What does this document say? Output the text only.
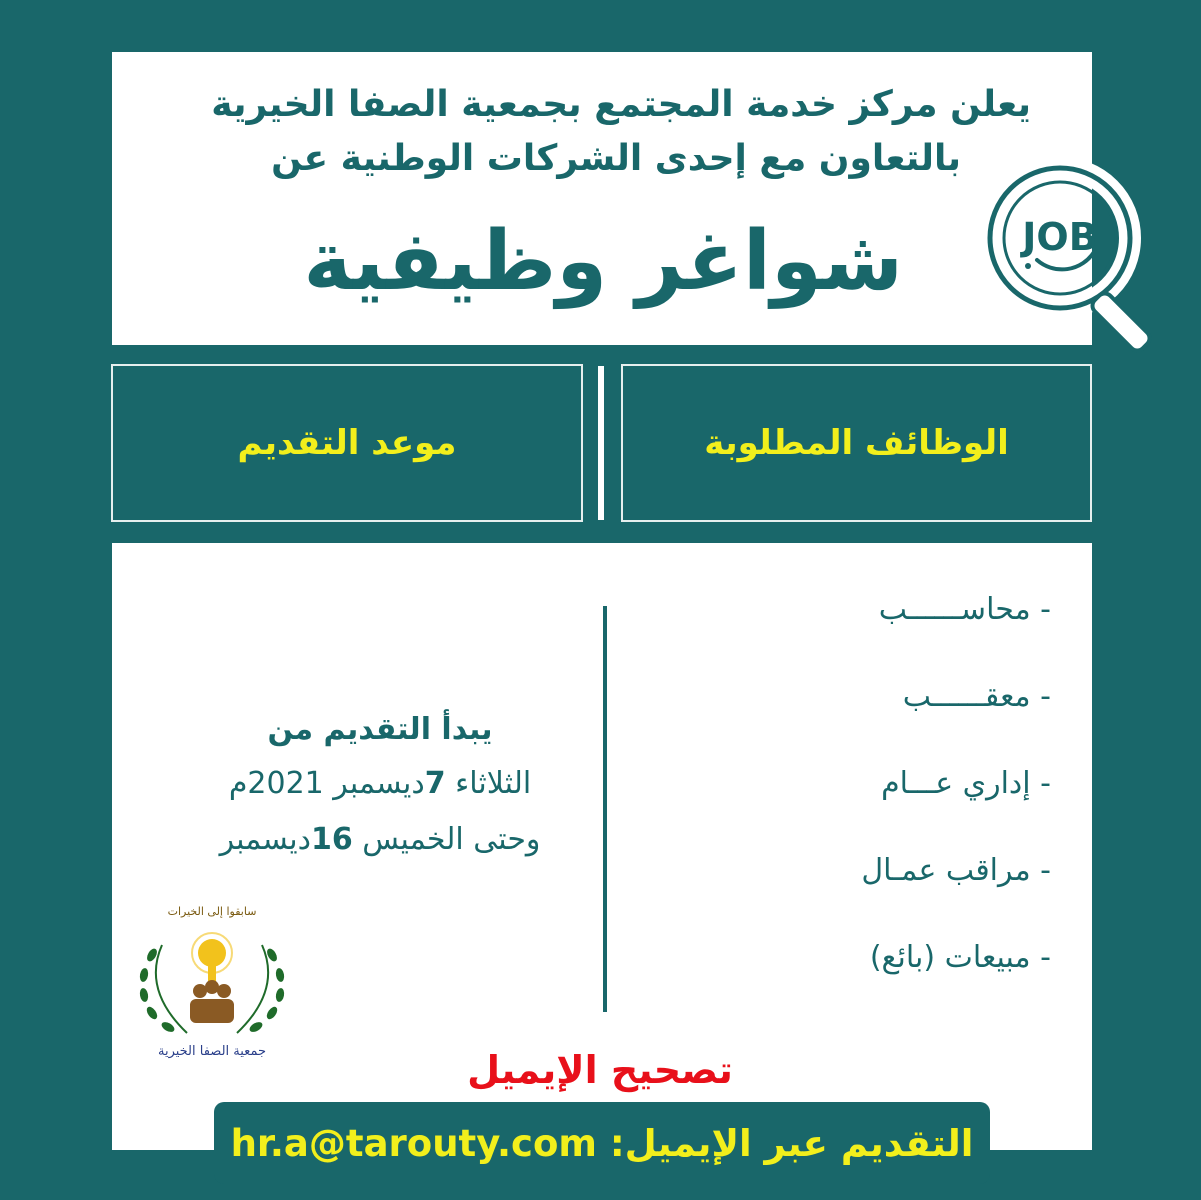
يعلن مركز خدمة المجتمع بجمعية الصفا الخيرية
بالتعاون مع إحدى الشركات الوطنية عن
شواغر وظيفية	JOB
الوظائف المطلوبة
موعد التقديم
- محاســــــب
- معقــــــب
- إداري عـــام
- مراقب عمـال
- مبيعات (بائع)
يبدأ التقديم من
الثلاثاء 7ديسمبر 2021م
وحتى الخميس 16ديسمبر
سابقوا إلى الخيرات
جمعية الصفا الخيرية	تصحيح الإيميل
التقديم عبر الإيميل: hr.a@tarouty.com
